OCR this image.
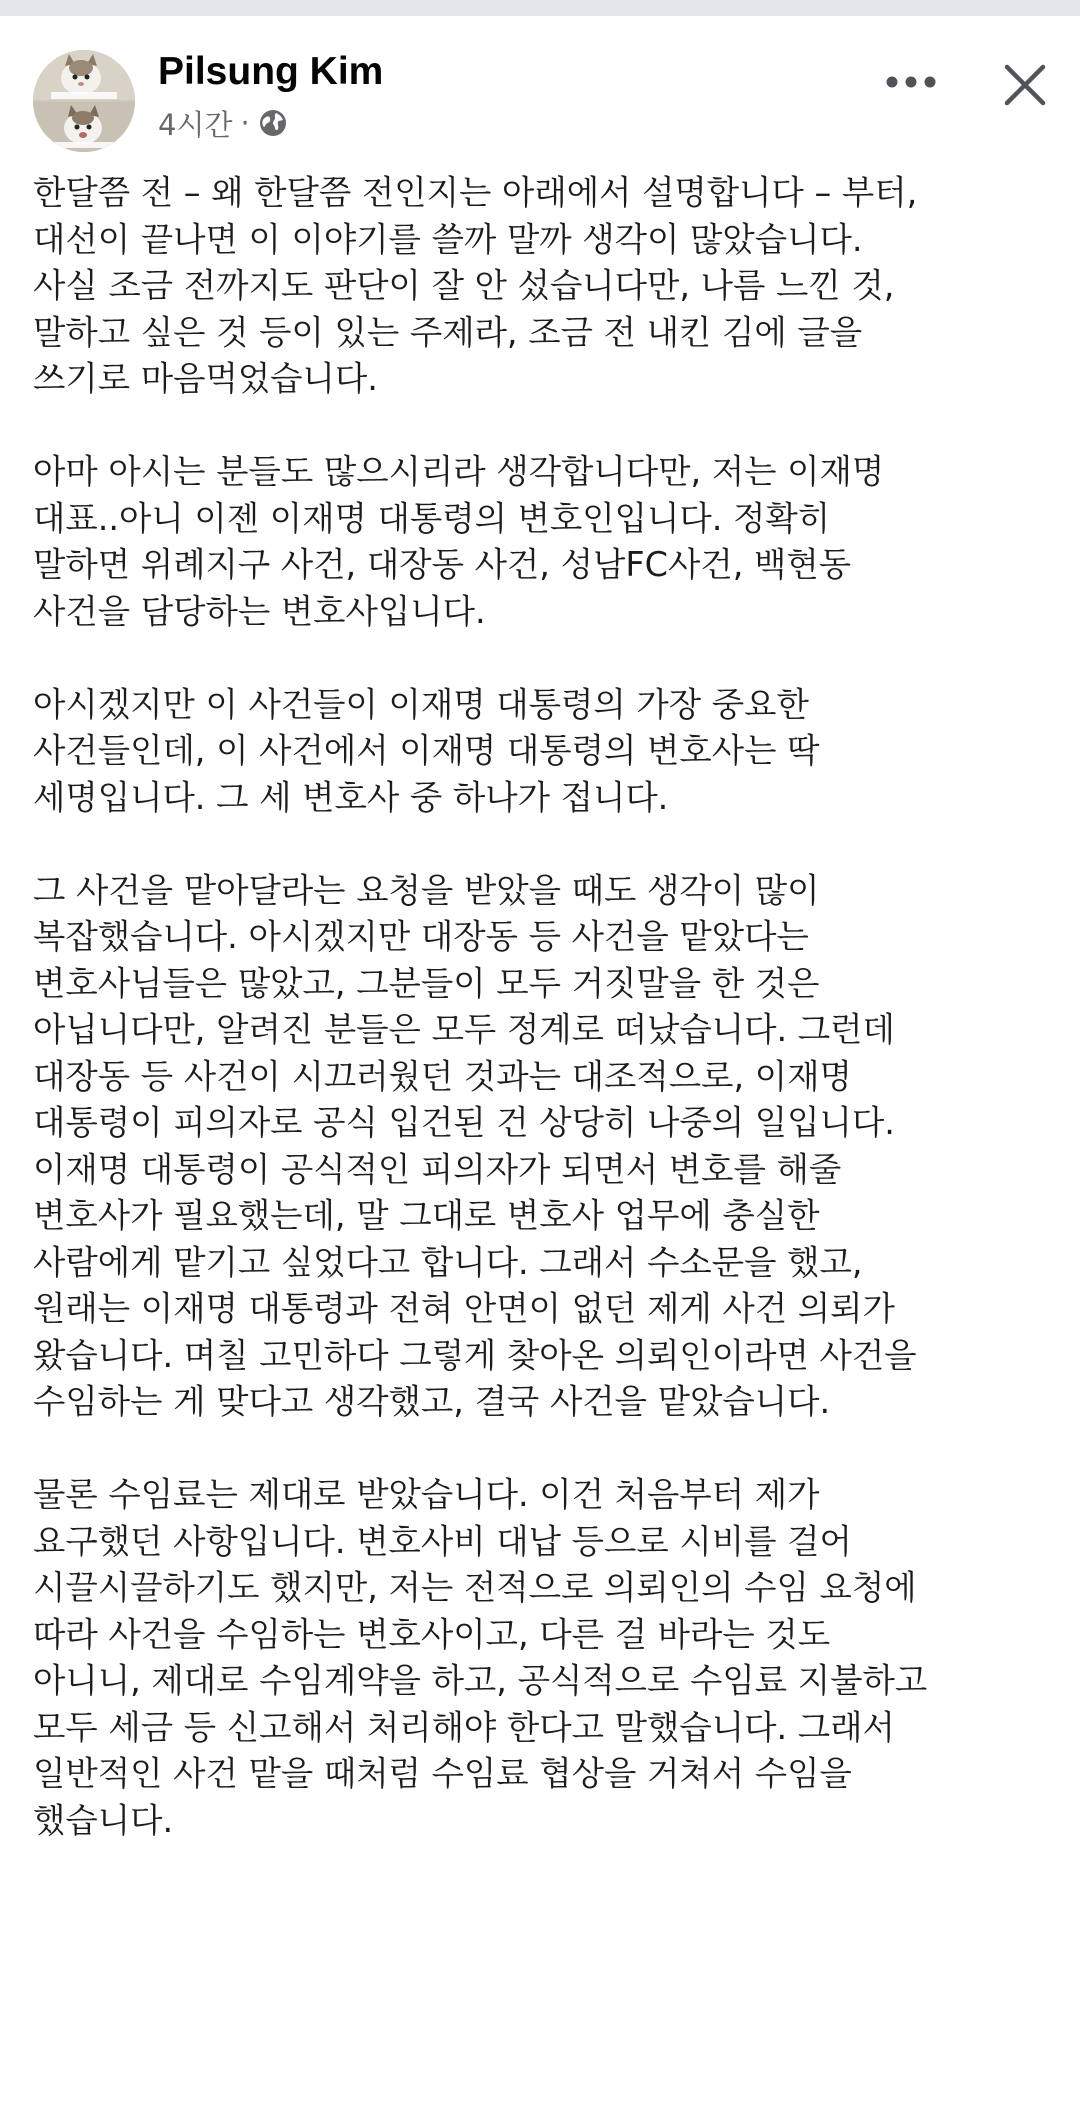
Pilsung Kim
4시간 ·
한달쯤 전 – 왜 한달쯤 전인지는 아래에서 설명합니다 – 부터,
대선이 끝나면 이 이야기를 쓸까 말까 생각이 많았습니다.
사실 조금 전까지도 판단이 잘 안 섰습니다만, 나름 느낀 것,
말하고 싶은 것 등이 있는 주제라, 조금 전 내킨 김에 글을
쓰기로 마음먹었습니다.
아마 아시는 분들도 많으시리라 생각합니다만, 저는 이재명
대표..아니 이젠 이재명 대통령의 변호인입니다. 정확히
말하면 위례지구 사건, 대장동 사건, 성남FC사건, 백현동
사건을 담당하는 변호사입니다.
아시겠지만 이 사건들이 이재명 대통령의 가장 중요한
사건들인데, 이 사건에서 이재명 대통령의 변호사는 딱
세명입니다. 그 세 변호사 중 하나가 접니다.
그 사건을 맡아달라는 요청을 받았을 때도 생각이 많이
복잡했습니다. 아시겠지만 대장동 등 사건을 맡았다는
변호사님들은 많았고, 그분들이 모두 거짓말을 한 것은
아닙니다만, 알려진 분들은 모두 정계로 떠났습니다. 그런데
대장동 등 사건이 시끄러웠던 것과는 대조적으로, 이재명
대통령이 피의자로 공식 입건된 건 상당히 나중의 일입니다.
이재명 대통령이 공식적인 피의자가 되면서 변호를 해줄
변호사가 필요했는데, 말 그대로 변호사 업무에 충실한
사람에게 맡기고 싶었다고 합니다. 그래서 수소문을 했고,
원래는 이재명 대통령과 전혀 안면이 없던 제게 사건 의뢰가
왔습니다. 며칠 고민하다 그렇게 찾아온 의뢰인이라면 사건을
수임하는 게 맞다고 생각했고, 결국 사건을 맡았습니다.
물론 수임료는 제대로 받았습니다. 이건 처음부터 제가
요구했던 사항입니다. 변호사비 대납 등으로 시비를 걸어
시끌시끌하기도 했지만, 저는 전적으로 의뢰인의 수임 요청에
따라 사건을 수임하는 변호사이고, 다른 걸 바라는 것도
아니니, 제대로 수임계약을 하고, 공식적으로 수임료 지불하고
모두 세금 등 신고해서 처리해야 한다고 말했습니다. 그래서
일반적인 사건 맡을 때처럼 수임료 협상을 거쳐서 수임을
했습니다.
